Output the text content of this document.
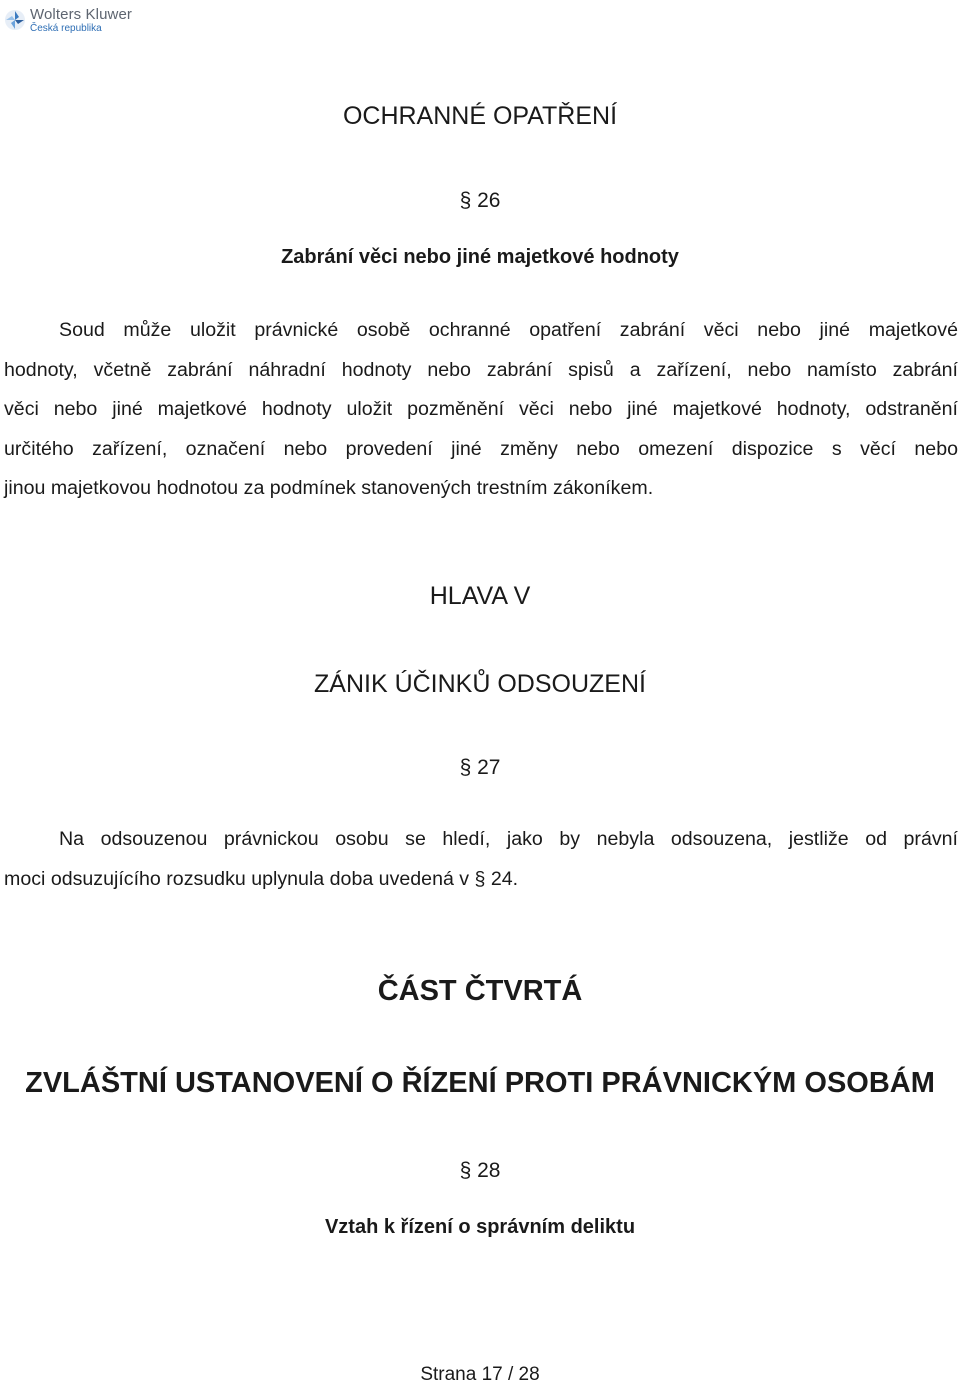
Wolters Kluwer
Česká republika
OCHRANNÉ OPATŘENÍ
§ 26
Zabrání věci nebo jiné majetkové hodnoty
Soud může uložit právnické osobě ochranné opatření zabrání věci nebo jiné majetkové
hodnoty, včetně zabrání náhradní hodnoty nebo zabrání spisů a zařízení, nebo namísto zabrání
věci nebo jiné majetkové hodnoty uložit pozměnění věci nebo jiné majetkové hodnoty, odstranění
určitého zařízení, označení nebo provedení jiné změny nebo omezení dispozice s věcí nebo
jinou majetkovou hodnotou za podmínek stanovených trestním zákoníkem.
HLAVA V
ZÁNIK ÚČINKŮ ODSOUZENÍ
§ 27
Na odsouzenou právnickou osobu se hledí, jako by nebyla odsouzena, jestliže od právní
moci odsuzujícího rozsudku uplynula doba uvedená v § 24.
ČÁST ČTVRTÁ
ZVLÁŠTNÍ USTANOVENÍ O ŘÍZENÍ PROTI PRÁVNICKÝM OSOBÁM
§ 28
Vztah k řízení o správním deliktu
Strana 17 / 28
